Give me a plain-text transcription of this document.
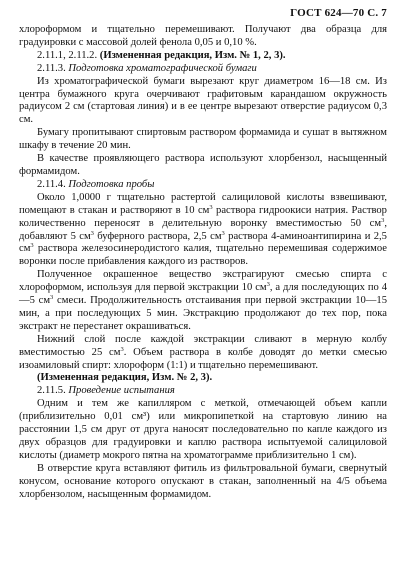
ГОСТ 624—70 С. 7

хлороформом и тщательно перемешивают. Получают два образца для градуировки с массовой долей фенола 0,05 и 0,10 %.

2.11.1, 2.11.2. (Измененная редакция, Изм. № 1, 2, 3).

2.11.3. Подготовка хроматографической бумаги

Из хроматографической бумаги вырезают круг диаметром 16—18 см. Из центра бумажного круга очерчивают графитовым карандашом окружность радиусом 2 см (стартовая линия) и в ее центре вырезают отверстие радиусом 0,3 см.

Бумагу пропитывают спиртовым раствором формамида и сушат в вытяжном шкафу в течение 20 мин.

В качестве проявляющего раствора используют хлорбензол, насыщенный формамидом.

2.11.4. Подготовка пробы

Около 1,0000 г тщательно растертой салициловой кислоты взвешивают, помещают в стакан и растворяют в 10 $см^3$ раствора гидроокиси натрия. Раствор количественно переносят в делительную воронку вместимостью 50 $см^3$, добавляют 5 $см^3$ буферного раствора, 2,5 $см^3$ раствора 4-аминоантипирина и 2,5 $см^3$ раствора железосинеродистого калия, тщательно перемешивая содержимое воронки после прибавления каждого из растворов.

Полученное окрашенное вещество экстрагируют смесью спирта с хлороформом, используя для первой экстракции 10 $см^3$, а для последующих по 4—5 $см^3$ смеси. Продолжительность отстаивания при первой экстракции 10—15 мин, а при последующих 5 мин. Экстракцию продолжают до тех пор, пока экстракт не перестанет окрашиваться.

Нижний слой после каждой экстракции сливают в мерную колбу вместимостью 25 $см^3$. Объем раствора в колбе доводят до метки смесью изоамиловый спирт: хлороформ (1:1) и тщательно перемешивают.

(Измененная редакция, Изм. № 2, 3).

2.11.5. Проведение испытания

Одним и тем же капилляром с меткой, отмечающей объем капли (приблизительно 0,01 см³) или микропипеткой на стартовую линию на расстоянии 1,5 см друг от друга наносят последовательно по капле каждого из двух образцов для градуировки и каплю раствора испытуемой салициловой кислоты (диаметр мокрого пятна на хроматограмме приблизительно 1 см).

В отверстие круга вставляют фитиль из фильтровальной бумаги, свернутый конусом, основание которого опускают в стакан, заполненный на 4/5 объема хлорбензолом, насыщенным формамидом.
